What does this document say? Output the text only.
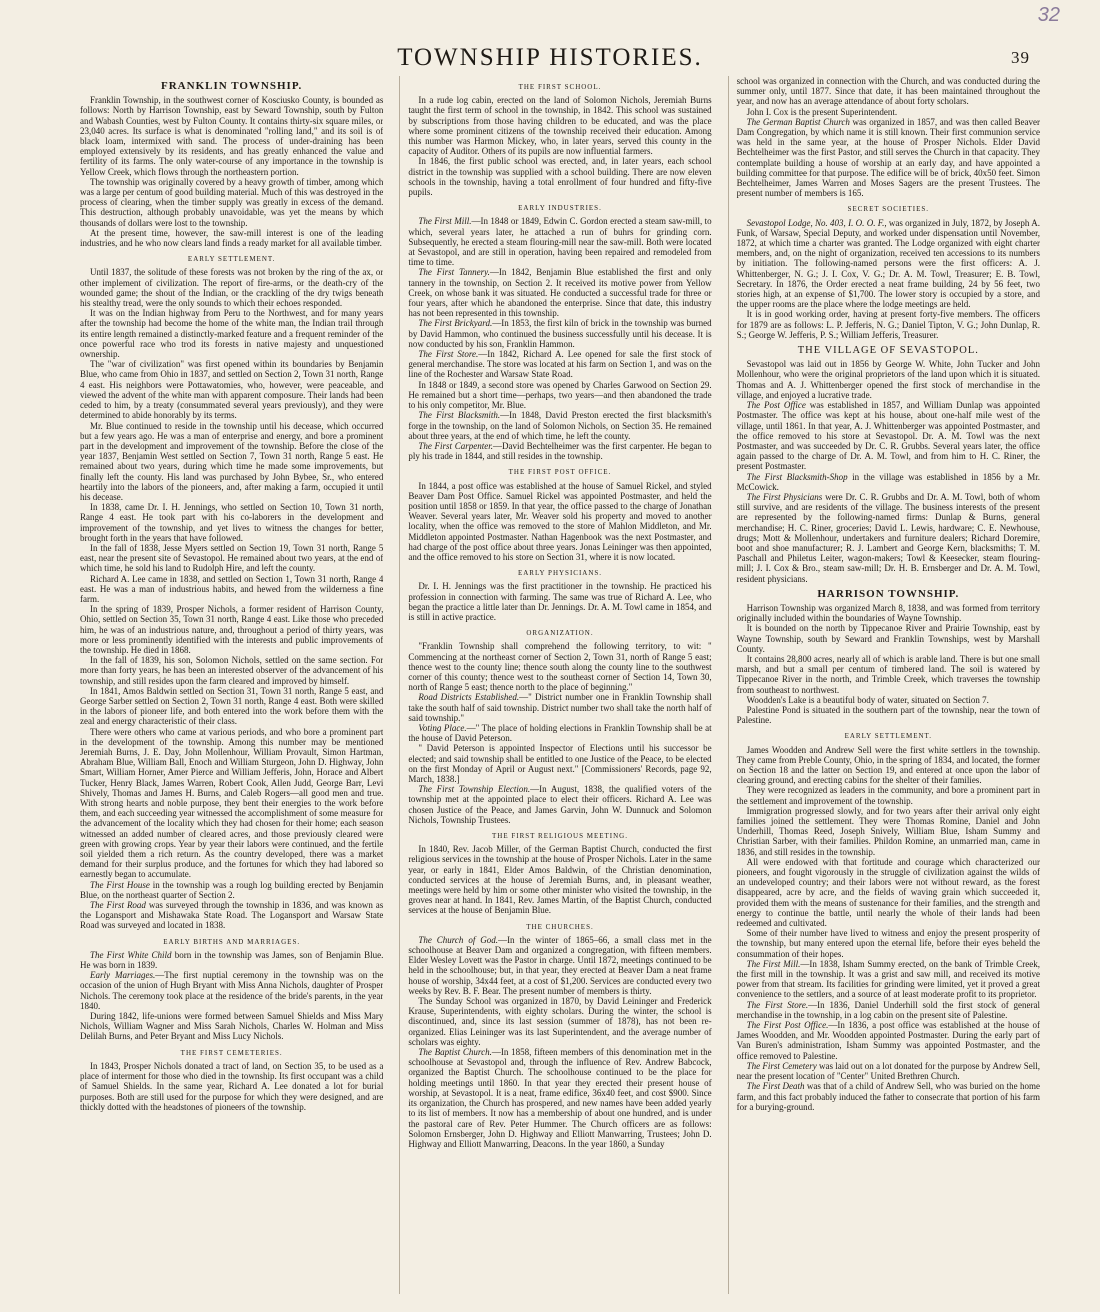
32
TOWNSHIP HISTORIES.	39
FRANKLIN TOWNSHIP.

Franklin Township, in the southwest corner of Kosciusko County, is bounded as follows: North by Harrison Township, east by Seward Township, south by Fulton and Wabash Counties, west by Fulton County. It contains thirty-six square miles, or 23,040 acres. Its surface is what is denominated "rolling land," and its soil is of black loam, intermixed with sand. The process of under-draining has been employed extensively by its residents, and has greatly enhanced the value and fertility of its farms. The only water-course of any importance in the township is Yellow Creek, which flows through the northeastern portion.

The township was originally covered by a heavy growth of timber, among which was a large per centum of good building material. Much of this was destroyed in the process of clearing, when the timber supply was greatly in excess of the demand. This destruction, although probably unavoidable, was yet the means by which thousands of dollars were lost to the township.

At the present time, however, the saw-mill interest is one of the leading industries, and he who now clears land finds a ready market for all available timber.

EARLY SETTLEMENT.

Until 1837, the solitude of these forests was not broken by the ring of the ax, or other implement of civilization. The report of fire-arms, or the death-cry of the wounded game; the shout of the Indian, or the crackling of the dry twigs beneath his stealthy tread, were the only sounds to which their echoes responded.

It was on the Indian highway from Peru to the Northwest, and for many years after the township had become the home of the white man, the Indian trail through its entire length remained a distinctly-marked feature and a frequent reminder of the once powerful race who trod its forests in native majesty and unquestioned ownership.

The "war of civilization" was first opened within its boundaries by Benjamin Blue, who came from Ohio in 1837, and settled on Section 2, Town 31 north, Range 4 east. His neighbors were Pottawatomies, who, however, were peaceable, and viewed the advent of the white man with apparent composure. Their lands had been ceded to him, by a treaty (consummated several years previously), and they were determined to abide honorably by its terms.

Mr. Blue continued to reside in the township until his decease, which occurred but a few years ago. He was a man of enterprise and energy, and bore a prominent part in the development and improvement of the township. Before the close of the year 1837, Benjamin West settled on Section 7, Town 31 north, Range 5 east. He remained about two years, during which time he made some improvements, but finally left the county. His land was purchased by John Bybee, Sr., who entered heartily into the labors of the pioneers, and, after making a farm, occupied it until his decease.

In 1838, came Dr. I. H. Jennings, who settled on Section 10, Town 31 north, Range 4 east. He took part with his co-laborers in the development and improvement of the township, and yet lives to witness the changes for better, brought forth in the years that have followed.

In the fall of 1838, Jesse Myers settled on Section 19, Town 31 north, Range 5 east, near the present site of Sevastopol. He remained about two years, at the end of which time, he sold his land to Rudolph Hire, and left the county.

Richard A. Lee came in 1838, and settled on Section 1, Town 31 north, Range 4 east. He was a man of industrious habits, and hewed from the wilderness a fine farm.

In the spring of 1839, Prosper Nichols, a former resident of Harrison County, Ohio, settled on Section 35, Town 31 north, Range 4 east. Like those who preceded him, he was of an industrious nature, and, throughout a period of thirty years, was more or less prominently identified with the interests and public improvements of the township. He died in 1868.

In the fall of 1839, his son, Solomon Nichols, settled on the same section. For more than forty years, he has been an interested observer of the advancement of his township, and still resides upon the farm cleared and improved by himself.

In 1841, Amos Baldwin settled on Section 31, Town 31 north, Range 5 east, and George Sarber settled on Section 2, Town 31 north, Range 4 east. Both were skilled in the labors of pioneer life, and both entered into the work before them with the zeal and energy characteristic of their class.

There were others who came at various periods, and who bore a prominent part in the development of the township. Among this number may be mentioned Jeremiah Burns, J. E. Day, John Mollenhour, William Provault, Simon Hartman, Abraham Blue, William Ball, Enoch and William Sturgeon, John D. Highway, John Smart, William Horner, Amer Pierce and William Jefferis, John, Horace and Albert Tucker, Henry Black, James Warren, Robert Cook, Allen Judd, George Barr, Levi Shively, Thomas and James H. Burns, and Caleb Rogers—all good men and true. With strong hearts and noble purpose, they bent their energies to the work before them, and each succeeding year witnessed the accomplishment of some measure for the advancement of the locality which they had chosen for their home; each season witnessed an added number of cleared acres, and those previously cleared were green with growing crops. Year by year their labors were continued, and the fertile soil yielded them a rich return. As the country developed, there was a market demand for their surplus produce, and the fortunes for which they had labored so earnestly began to accumulate.

The First House in the township was a rough log building erected by Benjamin Blue, on the northeast quarter of Section 2.

The First Road was surveyed through the township in 1836, and was known as the Logansport and Mishawaka State Road. The Logansport and Warsaw State Road was surveyed and located in 1838.

EARLY BIRTHS AND MARRIAGES.

The First White Child born in the township was James, son of Benjamin Blue. He was born in 1839.

Early Marriages.—The first nuptial ceremony in the township was on the occasion of the union of Hugh Bryant with Miss Anna Nichols, daughter of Prosper Nichols. The ceremony took place at the residence of the bride's parents, in the year 1840.

During 1842, life-unions were formed between Samuel Shields and Miss Mary Nichols, William Wagner and Miss Sarah Nichols, Charles W. Holman and Miss Delilah Burns, and Peter Bryant and Miss Lucy Nichols.

THE FIRST CEMETERIES.

In 1843, Prosper Nichols donated a tract of land, on Section 35, to be used as a place of interment for those who died in the township. Its first occupant was a child of Samuel Shields. In the same year, Richard A. Lee donated a lot for burial purposes. Both are still used for the purpose for which they were designed, and are thickly dotted with the headstones of pioneers of the township.

THE FIRST SCHOOL.

In a rude log cabin, erected on the land of Solomon Nichols, Jeremiah Burns taught the first term of school in the township, in 1842. This school was sustained by subscriptions from those having children to be educated, and was the place where some prominent citizens of the township received their education. Among this number was Harmon Mickey, who, in later years, served this county in the capacity of Auditor. Others of its pupils are now influential farmers.

In 1846, the first public school was erected, and, in later years, each school district in the township was supplied with a school building. There are now eleven schools in the township, having a total enrollment of four hundred and fifty-five pupils.

EARLY INDUSTRIES.

The First Mill.—In 1848 or 1849, Edwin C. Gordon erected a steam saw-mill, to which, several years later, he attached a run of buhrs for grinding corn. Subsequently, he erected a steam flouring-mill near the saw-mill. Both were located at Sevastopol, and are still in operation, having been repaired and remodeled from time to time.

The First Tannery.—In 1842, Benjamin Blue established the first and only tannery in the township, on Section 2. It received its motive power from Yellow Creek, on whose bank it was situated. He conducted a successful trade for three or four years, after which he abandoned the enterprise. Since that date, this industry has not been represented in this township.

The First Brickyard.—In 1853, the first kiln of brick in the township was burned by David Hammon, who continued the business successfully until his decease. It is now conducted by his son, Franklin Hammon.

The First Store.—In 1842, Richard A. Lee opened for sale the first stock of general merchandise. The store was located at his farm on Section 1, and was on the line of the Rochester and Warsaw State Road.

In 1848 or 1849, a second store was opened by Charles Garwood on Section 29. He remained but a short time—perhaps, two years—and then abandoned the trade to his only competitor, Mr. Blue.

The First Blacksmith.—In 1848, David Preston erected the first blacksmith's forge in the township, on the land of Solomon Nichols, on Section 35. He remained about three years, at the end of which time, he left the county.

The First Carpenter.—David Bechtelheimer was the first carpenter. He began to ply his trade in 1844, and still resides in the township.

THE FIRST POST OFFICE.

In 1844, a post office was established at the house of Samuel Rickel, and styled Beaver Dam Post Office. Samuel Rickel was appointed Postmaster, and held the position until 1858 or 1859. In that year, the office passed to the charge of Jonathan Weaver. Several years later, Mr. Weaver sold his property and moved to another locality, when the office was removed to the store of Mahlon Middleton, and Mr. Middleton appointed Postmaster. Nathan Hagenbook was the next Postmaster, and had charge of the post office about three years. Jonas Leininger was then appointed, and the office removed to his store on Section 31, where it is now located.

EARLY PHYSICIANS.

Dr. I. H. Jennings was the first practitioner in the township. He practiced his profession in connection with farming. The same was true of Richard A. Lee, who began the practice a little later than Dr. Jennings. Dr. A. M. Towl came in 1854, and is still in active practice.

ORGANIZATION.

"Franklin Township shall comprehend the following territory, to wit: " Commencing at the northeast corner of Section 2, Town 31, north of Range 5 east; thence west to the county line; thence south along the county line to the southwest corner of this county; thence west to the southeast corner of Section 14, Town 30, north of Range 5 east; thence north to the place of beginning."

Road Districts Established.—" District number one in Franklin Township shall take the south half of said township. District number two shall take the north half of said township."

Voting Place.—" The place of holding elections in Franklin Township shall be at the house of David Peterson.

" David Peterson is appointed Inspector of Elections until his successor be elected; and said township shall be entitled to one Justice of the Peace, to be elected on the first Monday of April or August next." [Commissioners' Records, page 92, March, 1838.]

The First Township Election.—In August, 1838, the qualified voters of the township met at the appointed place to elect their officers. Richard A. Lee was chosen Justice of the Peace, and James Garvin, John W. Dunnuck and Solomon Nichols, Township Trustees.

THE FIRST RELIGIOUS MEETING.

In 1840, Rev. Jacob Miller, of the German Baptist Church, conducted the first religious services in the township at the house of Prosper Nichols. Later in the same year, or early in 1841, Elder Amos Baldwin, of the Christian denomination, conducted services at the house of Jeremiah Burns, and, in pleasant weather, meetings were held by him or some other minister who visited the township, in the groves near at hand. In 1841, Rev. James Martin, of the Baptist Church, conducted services at the house of Benjamin Blue.

THE CHURCHES.

The Church of God.—In the winter of 1865–66, a small class met in the schoolhouse at Beaver Dam and organized a congregation, with fifteen members. Elder Wesley Lovett was the Pastor in charge. Until 1872, meetings continued to be held in the schoolhouse; but, in that year, they erected at Beaver Dam a neat frame house of worship, 34x44 feet, at a cost of $1,200. Services are conducted every two weeks by Rev. B. F. Bear. The present number of members is thirty.

The Sunday School was organized in 1870, by David Leininger and Frederick Krause, Superintendents, with eighty scholars. During the winter, the school is discontinued, and, since its last session (summer of 1878), has not been re-organized. Elias Leininger was its last Superintendent, and the average number of scholars was eighty.

The Baptist Church.—In 1858, fifteen members of this denomination met in the schoolhouse at Sevastopol and, through the influence of Rev. Andrew Babcock, organized the Baptist Church. The schoolhouse continued to be the place for holding meetings until 1860. In that year they erected their present house of worship, at Sevastopol. It is a neat, frame edifice, 36x40 feet, and cost $900. Since its organization, the Church has prospered, and new names have been added yearly to its list of members. It now has a membership of about one hundred, and is under the pastoral care of Rev. Peter Hummer. The Church officers are as follows: Solomon Ernsberger, John D. Highway and Elliott Manwarring, Trustees; John D. Highway and Elliott Manwarring, Deacons. In the year 1860, a Sunday

school was organized in connection with the Church, and was conducted during the summer only, until 1877. Since that date, it has been maintained throughout the year, and now has an average attendance of about forty scholars.

John I. Cox is the present Superintendent.

The German Baptist Church was organized in 1857, and was then called Beaver Dam Congregation, by which name it is still known. Their first communion service was held in the same year, at the house of Prosper Nichols. Elder David Bechtelheimer was the first Pastor, and still serves the Church in that capacity. They contemplate building a house of worship at an early day, and have appointed a building committee for that purpose. The edifice will be of brick, 40x50 feet. Simon Bechtelheimer, James Warren and Moses Sagers are the present Trustees. The present number of members is 165.

SECRET SOCIETIES.

Sevastopol Lodge, No. 403, I. O. O. F., was organized in July, 1872, by Joseph A. Funk, of Warsaw, Special Deputy, and worked under dispensation until November, 1872, at which time a charter was granted. The Lodge organized with eight charter members, and, on the night of organization, received ten accessions to its numbers by initiation. The following-named persons were the first officers: A. J. Whittenberger, N. G.; J. I. Cox, V. G.; Dr. A. M. Towl, Treasurer; E. B. Towl, Secretary. In 1876, the Order erected a neat frame building, 24 by 56 feet, two stories high, at an expense of $1,700. The lower story is occupied by a store, and the upper rooms are the place where the lodge meetings are held.

It is in good working order, having at present forty-five members. The officers for 1879 are as follows: L. P. Jefferis, N. G.; Daniel Tipton, V. G.; John Dunlap, R. S.; George W. Jefferis, P. S.; William Jefferis, Treasurer.

THE VILLAGE OF SEVASTOPOL.

Sevastopol was laid out in 1856 by George W. White, John Tucker and John Mollenhour, who were the original proprietors of the land upon which it is situated. Thomas and A. J. Whittenberger opened the first stock of merchandise in the village, and enjoyed a lucrative trade.

The Post Office was established in 1857, and William Dunlap was appointed Postmaster. The office was kept at his house, about one-half mile west of the village, until 1861. In that year, A. J. Whittenberger was appointed Postmaster, and the office removed to his store at Sevastopol. Dr. A. M. Towl was the next Postmaster, and was succeeded by Dr. C. R. Grubbs. Several years later, the office again passed to the charge of Dr. A. M. Towl, and from him to H. C. Riner, the present Postmaster.

The First Blacksmith-Shop in the village was established in 1856 by a Mr. McCowick.

The First Physicians were Dr. C. R. Grubbs and Dr. A. M. Towl, both of whom still survive, and are residents of the village. The business interests of the present are represented by the following-named firms: Dunlap & Burns, general merchandise; H. C. Riner, groceries; David L. Lewis, hardware; C. E. Newhouse, drugs; Mott & Mollenhour, undertakers and furniture dealers; Richard Doremire, boot and shoe manufacturer; R. J. Lambert and George Kern, blacksmiths; T. M. Paschall and Philetus Leiter, wagon-makers; Towl & Keesecker, steam flouring-mill; J. I. Cox & Bro., steam saw-mill; Dr. H. B. Ernsberger and Dr. A. M. Towl, resident physicians.

HARRISON TOWNSHIP.

Harrison Township was organized March 8, 1838, and was formed from territory originally included within the boundaries of Wayne Township.

It is bounded on the north by Tippecanoe River and Prairie Township, east by Wayne Township, south by Seward and Franklin Townships, west by Marshall County.

It contains 28,800 acres, nearly all of which is arable land. There is but one small marsh, and but a small per centum of timbered land. The soil is watered by Tippecanoe River in the north, and Trimble Creek, which traverses the township from southeast to northwest.

Woodden's Lake is a beautiful body of water, situated on Section 7.

Palestine Pond is situated in the southern part of the township, near the town of Palestine.

EARLY SETTLEMENT.

James Woodden and Andrew Sell were the first white settlers in the township. They came from Preble County, Ohio, in the spring of 1834, and located, the former on Section 18 and the latter on Section 19, and entered at once upon the labor of clearing ground, and erecting cabins for the shelter of their families.

They were recognized as leaders in the community, and bore a prominent part in the settlement and improvement of the township.

Immigration progressed slowly, and for two years after their arrival only eight families joined the settlement. They were Thomas Romine, Daniel and John Underhill, Thomas Reed, Joseph Snively, William Blue, Isham Summy and Christian Sarber, with their families. Phildon Romine, an unmarried man, came in 1836, and still resides in the township.

All were endowed with that fortitude and courage which characterized our pioneers, and fought vigorously in the struggle of civilization against the wilds of an undeveloped country; and their labors were not without reward, as the forest disappeared, acre by acre, and the fields of waving grain which succeeded it, provided them with the means of sustenance for their families, and the strength and energy to continue the battle, until nearly the whole of their lands had been redeemed and cultivated.

Some of their number have lived to witness and enjoy the present prosperity of the township, but many entered upon the eternal life, before their eyes beheld the consummation of their hopes.

The First Mill.—In 1838, Isham Summy erected, on the bank of Trimble Creek, the first mill in the township. It was a grist and saw mill, and received its motive power from that stream. Its facilities for grinding were limited, yet it proved a great convenience to the settlers, and a source of at least moderate profit to its proprietor.

The First Store.—In 1836, Daniel Underhill sold the first stock of general merchandise in the township, in a log cabin on the present site of Palestine.

The First Post Office.—In 1836, a post office was established at the house of James Woodden, and Mr. Woodden appointed Postmaster. During the early part of Van Buren's administration, Isham Summy was appointed Postmaster, and the office removed to Palestine.

The First Cemetery was laid out on a lot donated for the purpose by Andrew Sell, near the present location of "Center" United Brethren Church.

The First Death was that of a child of Andrew Sell, who was buried on the home farm, and this fact probably induced the father to consecrate that portion of his farm for a burying-ground.
